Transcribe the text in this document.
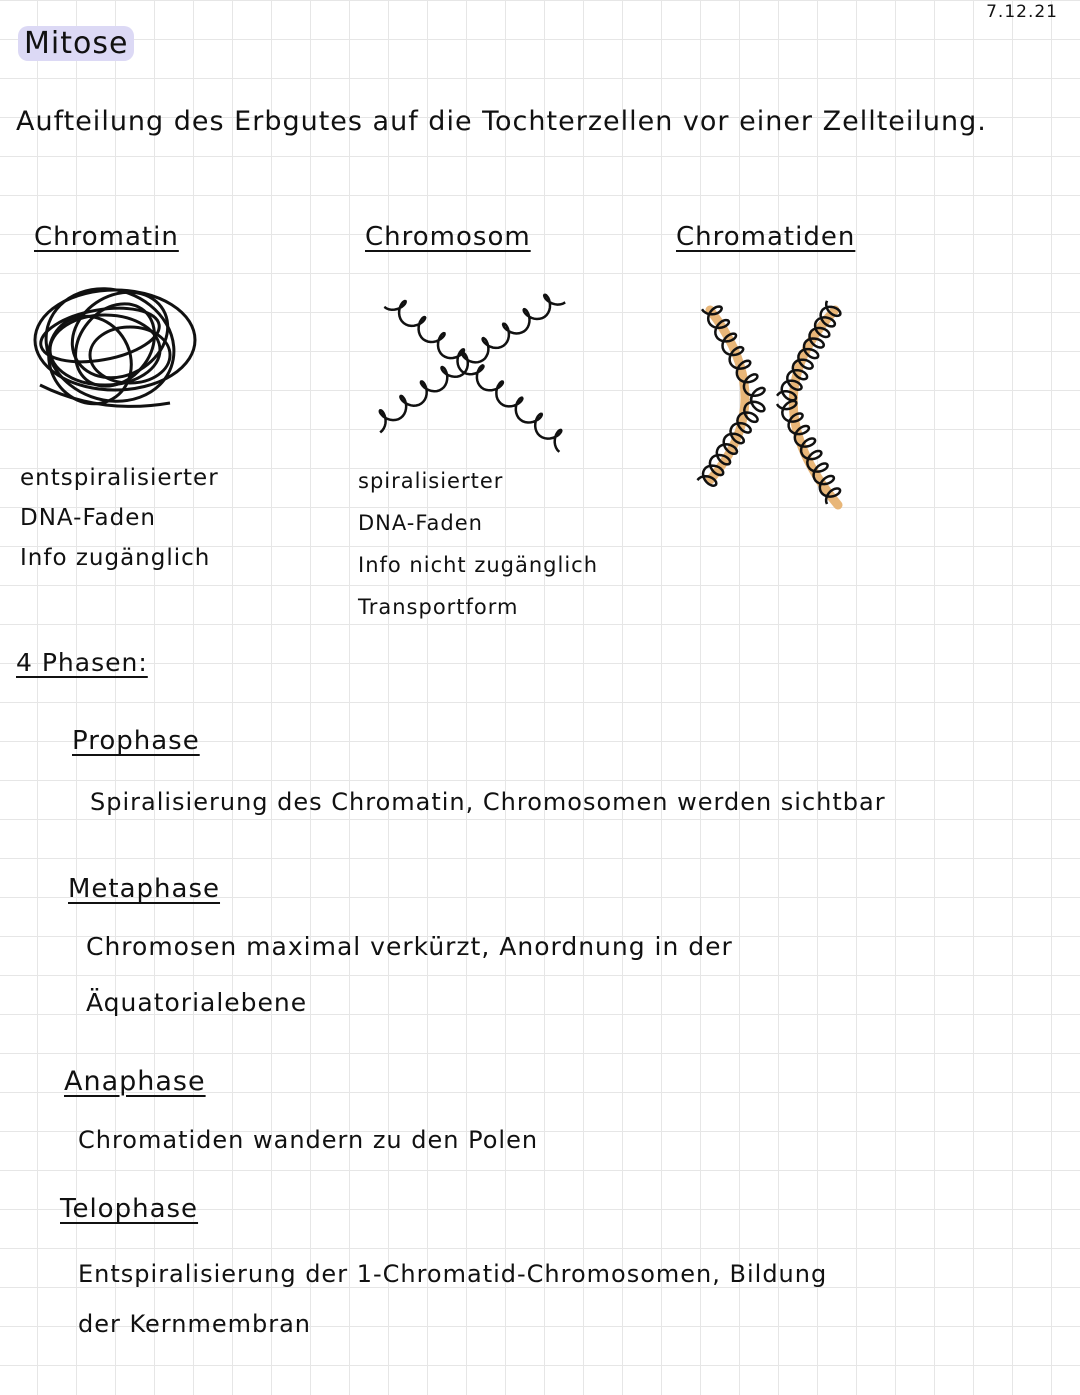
7.12.21
Mitose
Aufteilung des Erbgutes auf die Tochterzellen vor einer Zellteilung.
Chromatin	Chromosom	Chromatiden
entspiralisierter
DNA-Faden
Info zugänglich
spiralisierter
DNA-Faden
Info nicht zugänglich
Transportform
4 Phasen:
Prophase
Spiralisierung des Chromatin, Chromosomen werden sichtbar
Metaphase
Chromosen maximal verkürzt, Anordnung in der
Äquatorialebene
Anaphase
Chromatiden wandern zu den Polen
Telophase
Entspiralisierung der 1-Chromatid-Chromosomen, Bildung
der Kernmembran
